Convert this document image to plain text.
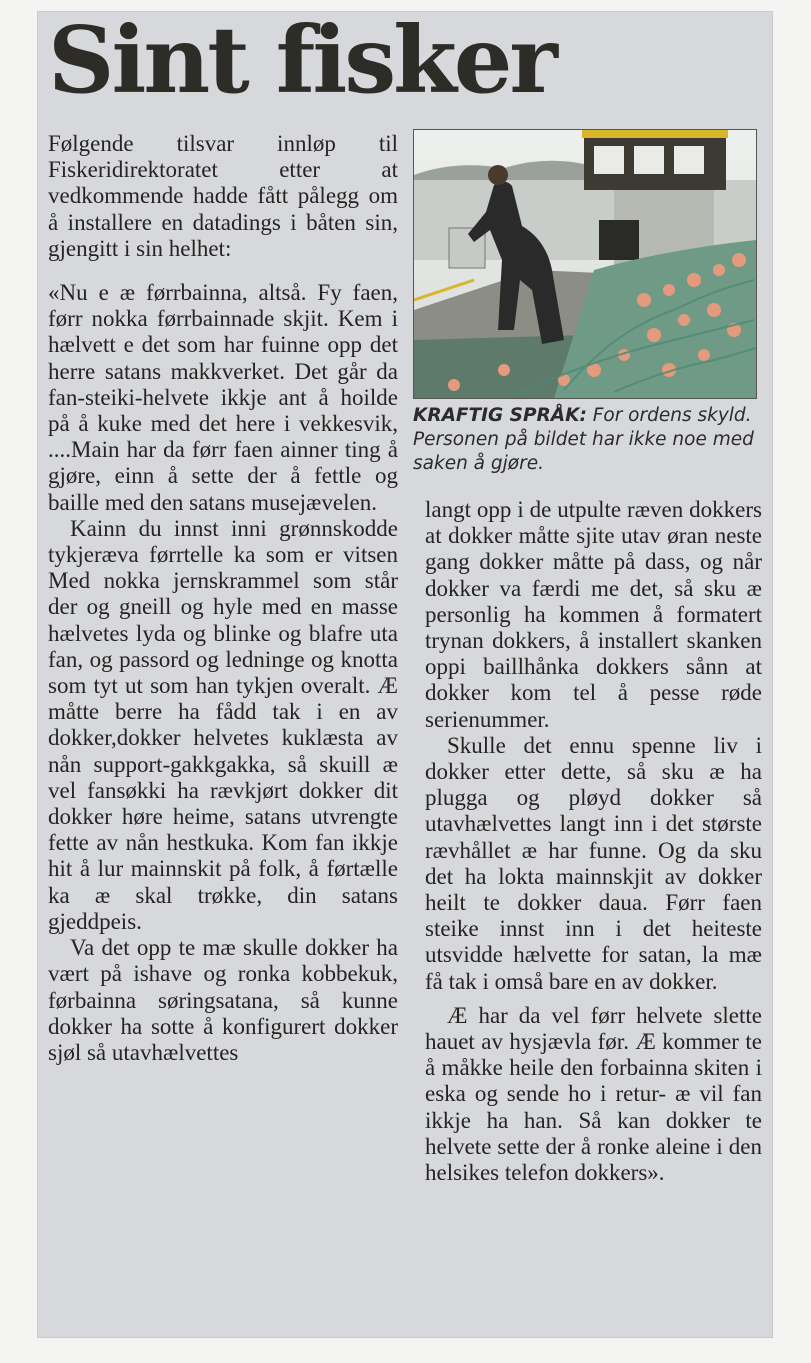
Sint fisker

Følgende tilsvar innløp til Fiskeridirektoratet etter at vedkommende hadde fått pålegg om å installere en datadings i båten sin, gjengitt i sin helhet:

«Nu e æ førrbainna, altså. Fy faen, førr nokka førrbainnade skjit. Kem i hælvett e det som har fuinne opp det herre satans makkverket. Det går da fan-steiki-helvete ikkje ant å hoilde på å kuke med det here i vekkesvik, ....Main har da førr faen ainner ting å gjøre, einn å sette der å fettle og baille med den satans musejævelen.

Kainn du innst inni grønnskodde tykjeræva førrtelle ka som er vitsen Med nokka jernskrammel som står der og gneill og hyle med en masse hælvetes lyda og blinke og blafre uta fan, og passord og ledninge og knotta som tyt ut som han tykjen overalt. Æ måtte berre ha fådd tak i en av dokker,dokker helvetes kuklæsta av nån support-gakkgakka, så skuill æ vel fansøkki ha rævkjørt dokker dit dokker høre heime, satans utvrengte fette av nån hestkuka. Kom fan ikkje hit å lur mainnskit på folk, å førtælle ka æ skal trøkke, din satans gjeddpeis.

Va det opp te mæ skulle dokker ha vært på ishave og ronka kobbekuk, førbainna søringsatana, så kunne dokker ha sotte å konfigurert dokker sjøl så utavhælvettes

KRAFTIG SPRÅK: For ordens skyld. Personen på bildet har ikke noe med saken å gjøre.

langt opp i de utpulte ræven dokkers at dokker måtte sjite utav øran neste gang dokker måtte på dass, og når dokker va færdi me det, så sku æ personlig ha kommen å formatert trynan dokkers, å installert skanken oppi baillhånka dokkers sånn at dokker kom tel å pesse røde serienummer.

Skulle det ennu spenne liv i dokker etter dette, så sku æ ha plugga og pløyd dokker så utavhælvettes langt inn i det største rævhållet æ har funne. Og da sku det ha lokta mainnskjit av dokker heilt te dokker daua. Førr faen steike innst inn i det heiteste utsvidde hælvette for satan, la mæ få tak i omså bare en av dokker.

Æ har da vel førr helvete slette hauet av hysjævla før. Æ kommer te å måkke heile den forbainna skiten i eska og sende ho i retur- æ vil fan ikkje ha han. Så kan dokker te helvete sette der å ronke aleine i den helsikes telefon dokkers».
